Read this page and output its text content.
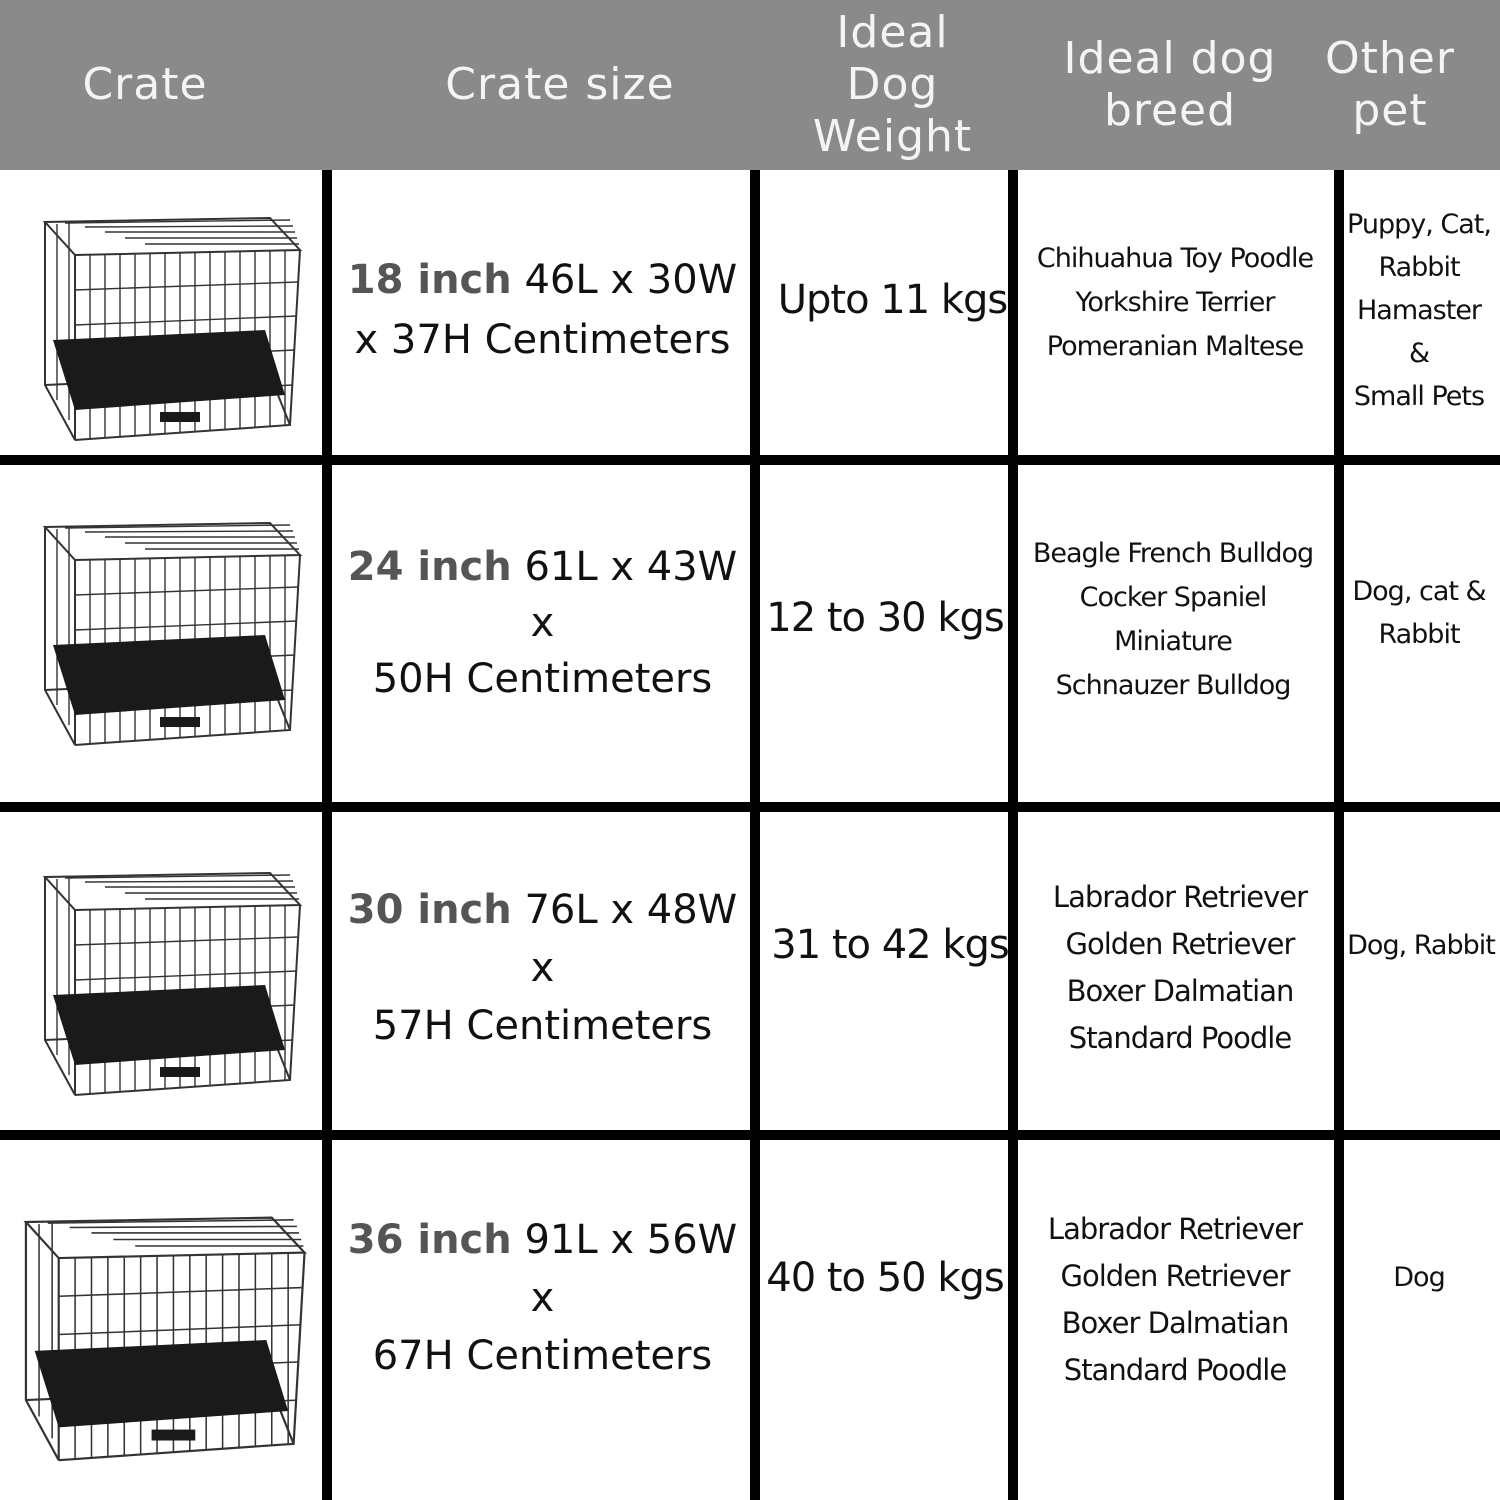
Crate	Crate size
Ideal
Dog Weight
Ideal dog
breed
Other
pet
18 inch 46L x 30W
x 37H Centimeters
Upto 11 kgs
Chihuahua Toy Poodle
Yorkshire Terrier
Pomeranian Maltese
Puppy, Cat,
Rabbit
Hamaster &
Small Pets
24 inch 61L x 43W x
50H Centimeters
12 to 30 kgs
Beagle French Bulldog
Cocker Spaniel Miniature
Schnauzer Bulldog
Dog, cat &
Rabbit
30 inch 76L x 48W x
57H Centimeters
31 to 42 kgs
Labrador Retriever
Golden Retriever
Boxer Dalmatian
Standard Poodle
Dog, Rabbit
36 inch 91L x 56W x
67H Centimeters
40 to 50 kgs
Labrador Retriever
Golden Retriever
Boxer Dalmatian
Standard Poodle
Dog
